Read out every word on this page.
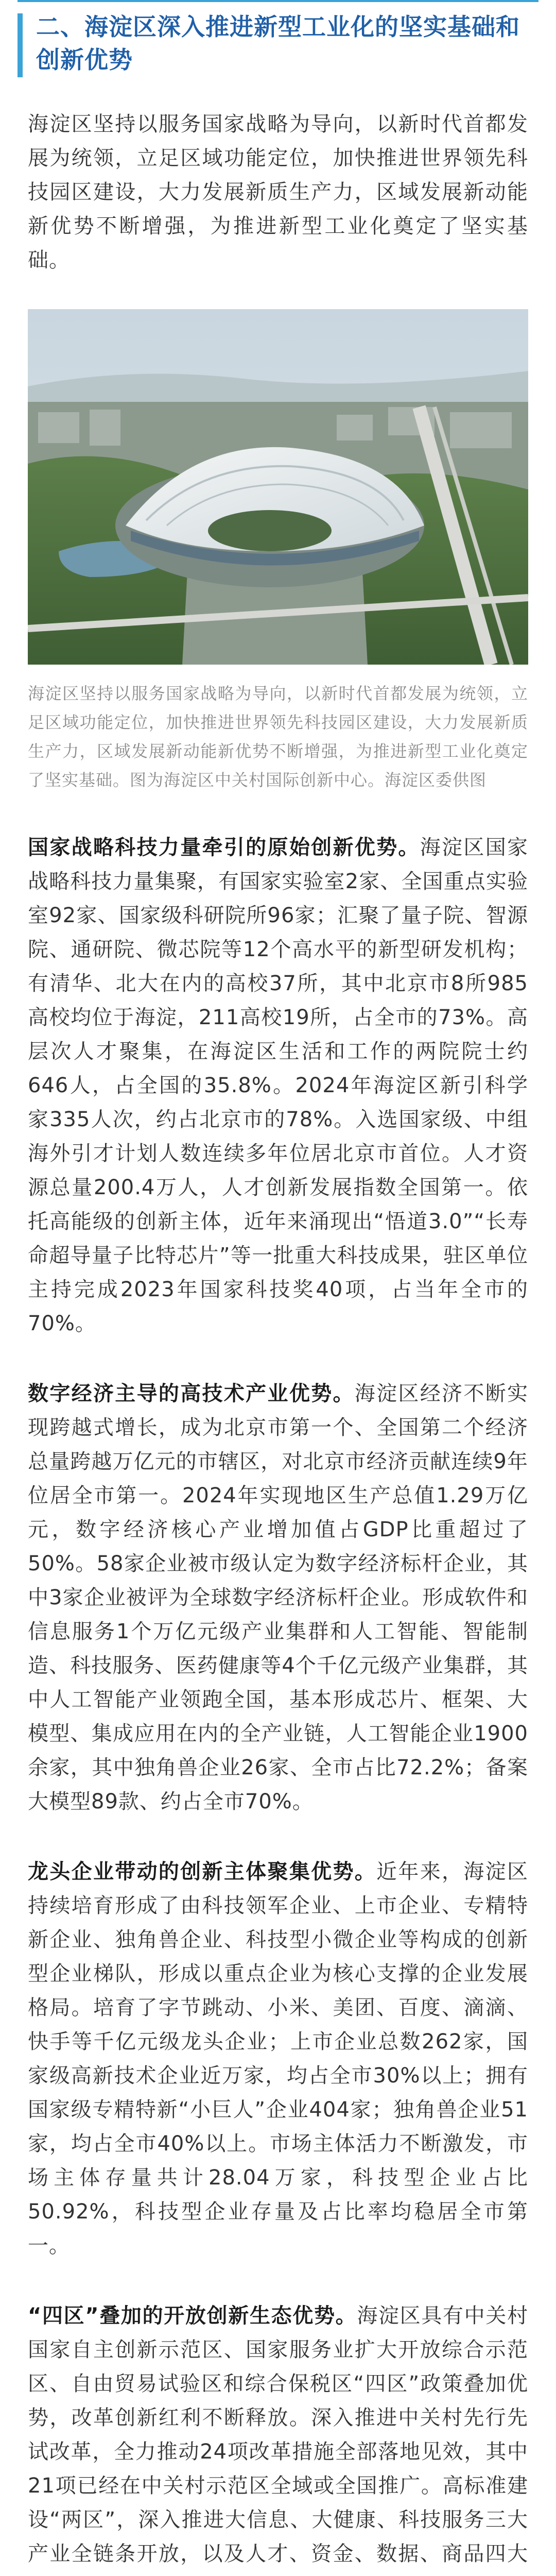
二、海淀区深入推进新型工业化的坚实基础和创新优势

海淀区坚持以服务国家战略为导向，以新时代首都发展为统领，立足区域功能定位，加快推进世界领先科技园区建设，大力发展新质生产力，区域发展新动能新优势不断增强，为推进新型工业化奠定了坚实基础。

海淀区坚持以服务国家战略为导向，以新时代首都发展为统领，立足区域功能定位，加快推进世界领先科技园区建设，大力发展新质生产力，区域发展新动能新优势不断增强，为推进新型工业化奠定了坚实基础。图为海淀区中关村国际创新中心。海淀区委供图

国家战略科技力量牵引的原始创新优势。海淀区国家战略科技力量集聚，有国家实验室2家、全国重点实验室92家、国家级科研院所96家；汇聚了量子院、智源院、通研院、微芯院等12个高水平的新型研发机构；有清华、北大在内的高校37所，其中北京市8所985高校均位于海淀，211高校19所，占全市的73%。高层次人才聚集，在海淀区生活和工作的两院院士约646人，占全国的35.8%。2024年海淀区新引科学家335人次，约占北京市的78%。入选国家级、中组海外引才计划人数连续多年位居北京市首位。人才资源总量200.4万人，人才创新发展指数全国第一。依托高能级的创新主体，近年来涌现出“悟道3.0”“长寿命超导量子比特芯片”等一批重大科技成果，驻区单位主持完成2023年国家科技奖40项，占当年全市的70%。

数字经济主导的高技术产业优势。海淀区经济不断实现跨越式增长，成为北京市第一个、全国第二个经济总量跨越万亿元的市辖区，对北京市经济贡献连续9年位居全市第一。2024年实现地区生产总值1.29万亿元，数字经济核心产业增加值占GDP比重超过了50%。58家企业被市级认定为数字经济标杆企业，其中3家企业被评为全球数字经济标杆企业。形成软件和信息服务1个万亿元级产业集群和人工智能、智能制造、科技服务、医药健康等4个千亿元级产业集群，其中人工智能产业领跑全国，基本形成芯片、框架、大模型、集成应用在内的全产业链，人工智能企业1900余家，其中独角兽企业26家、全市占比72.2%；备案大模型89款、约占全市70%。

龙头企业带动的创新主体聚集优势。近年来，海淀区持续培育形成了由科技领军企业、上市企业、专精特新企业、独角兽企业、科技型小微企业等构成的创新型企业梯队，形成以重点企业为核心支撑的企业发展格局。培育了字节跳动、小米、美团、百度、滴滴、快手等千亿元级龙头企业；上市企业总数262家，国家级高新技术企业近万家，均占全市30%以上；拥有国家级专精特新“小巨人”企业404家；独角兽企业51家，均占全市40%以上。市场主体活力不断激发，市场主体存量共计28.04万家，科技型企业占比50.92%，科技型企业存量及占比率均稳居全市第一。

“四区”叠加的开放创新生态优势。海淀区具有中关村国家自主创新示范区、国家服务业扩大开放综合示范区、自由贸易试验区和综合保税区“四区”政策叠加优势，改革创新红利不断释放。深入推进中关村先行先试改革，全力推动24项改革措施全部落地见效，其中21项已经在中关村示范区全域或全国推广。高标准建设“两区”，深入推进大信息、大健康、科技服务三大产业全链条开放，以及人才、资金、数据、商品四大
